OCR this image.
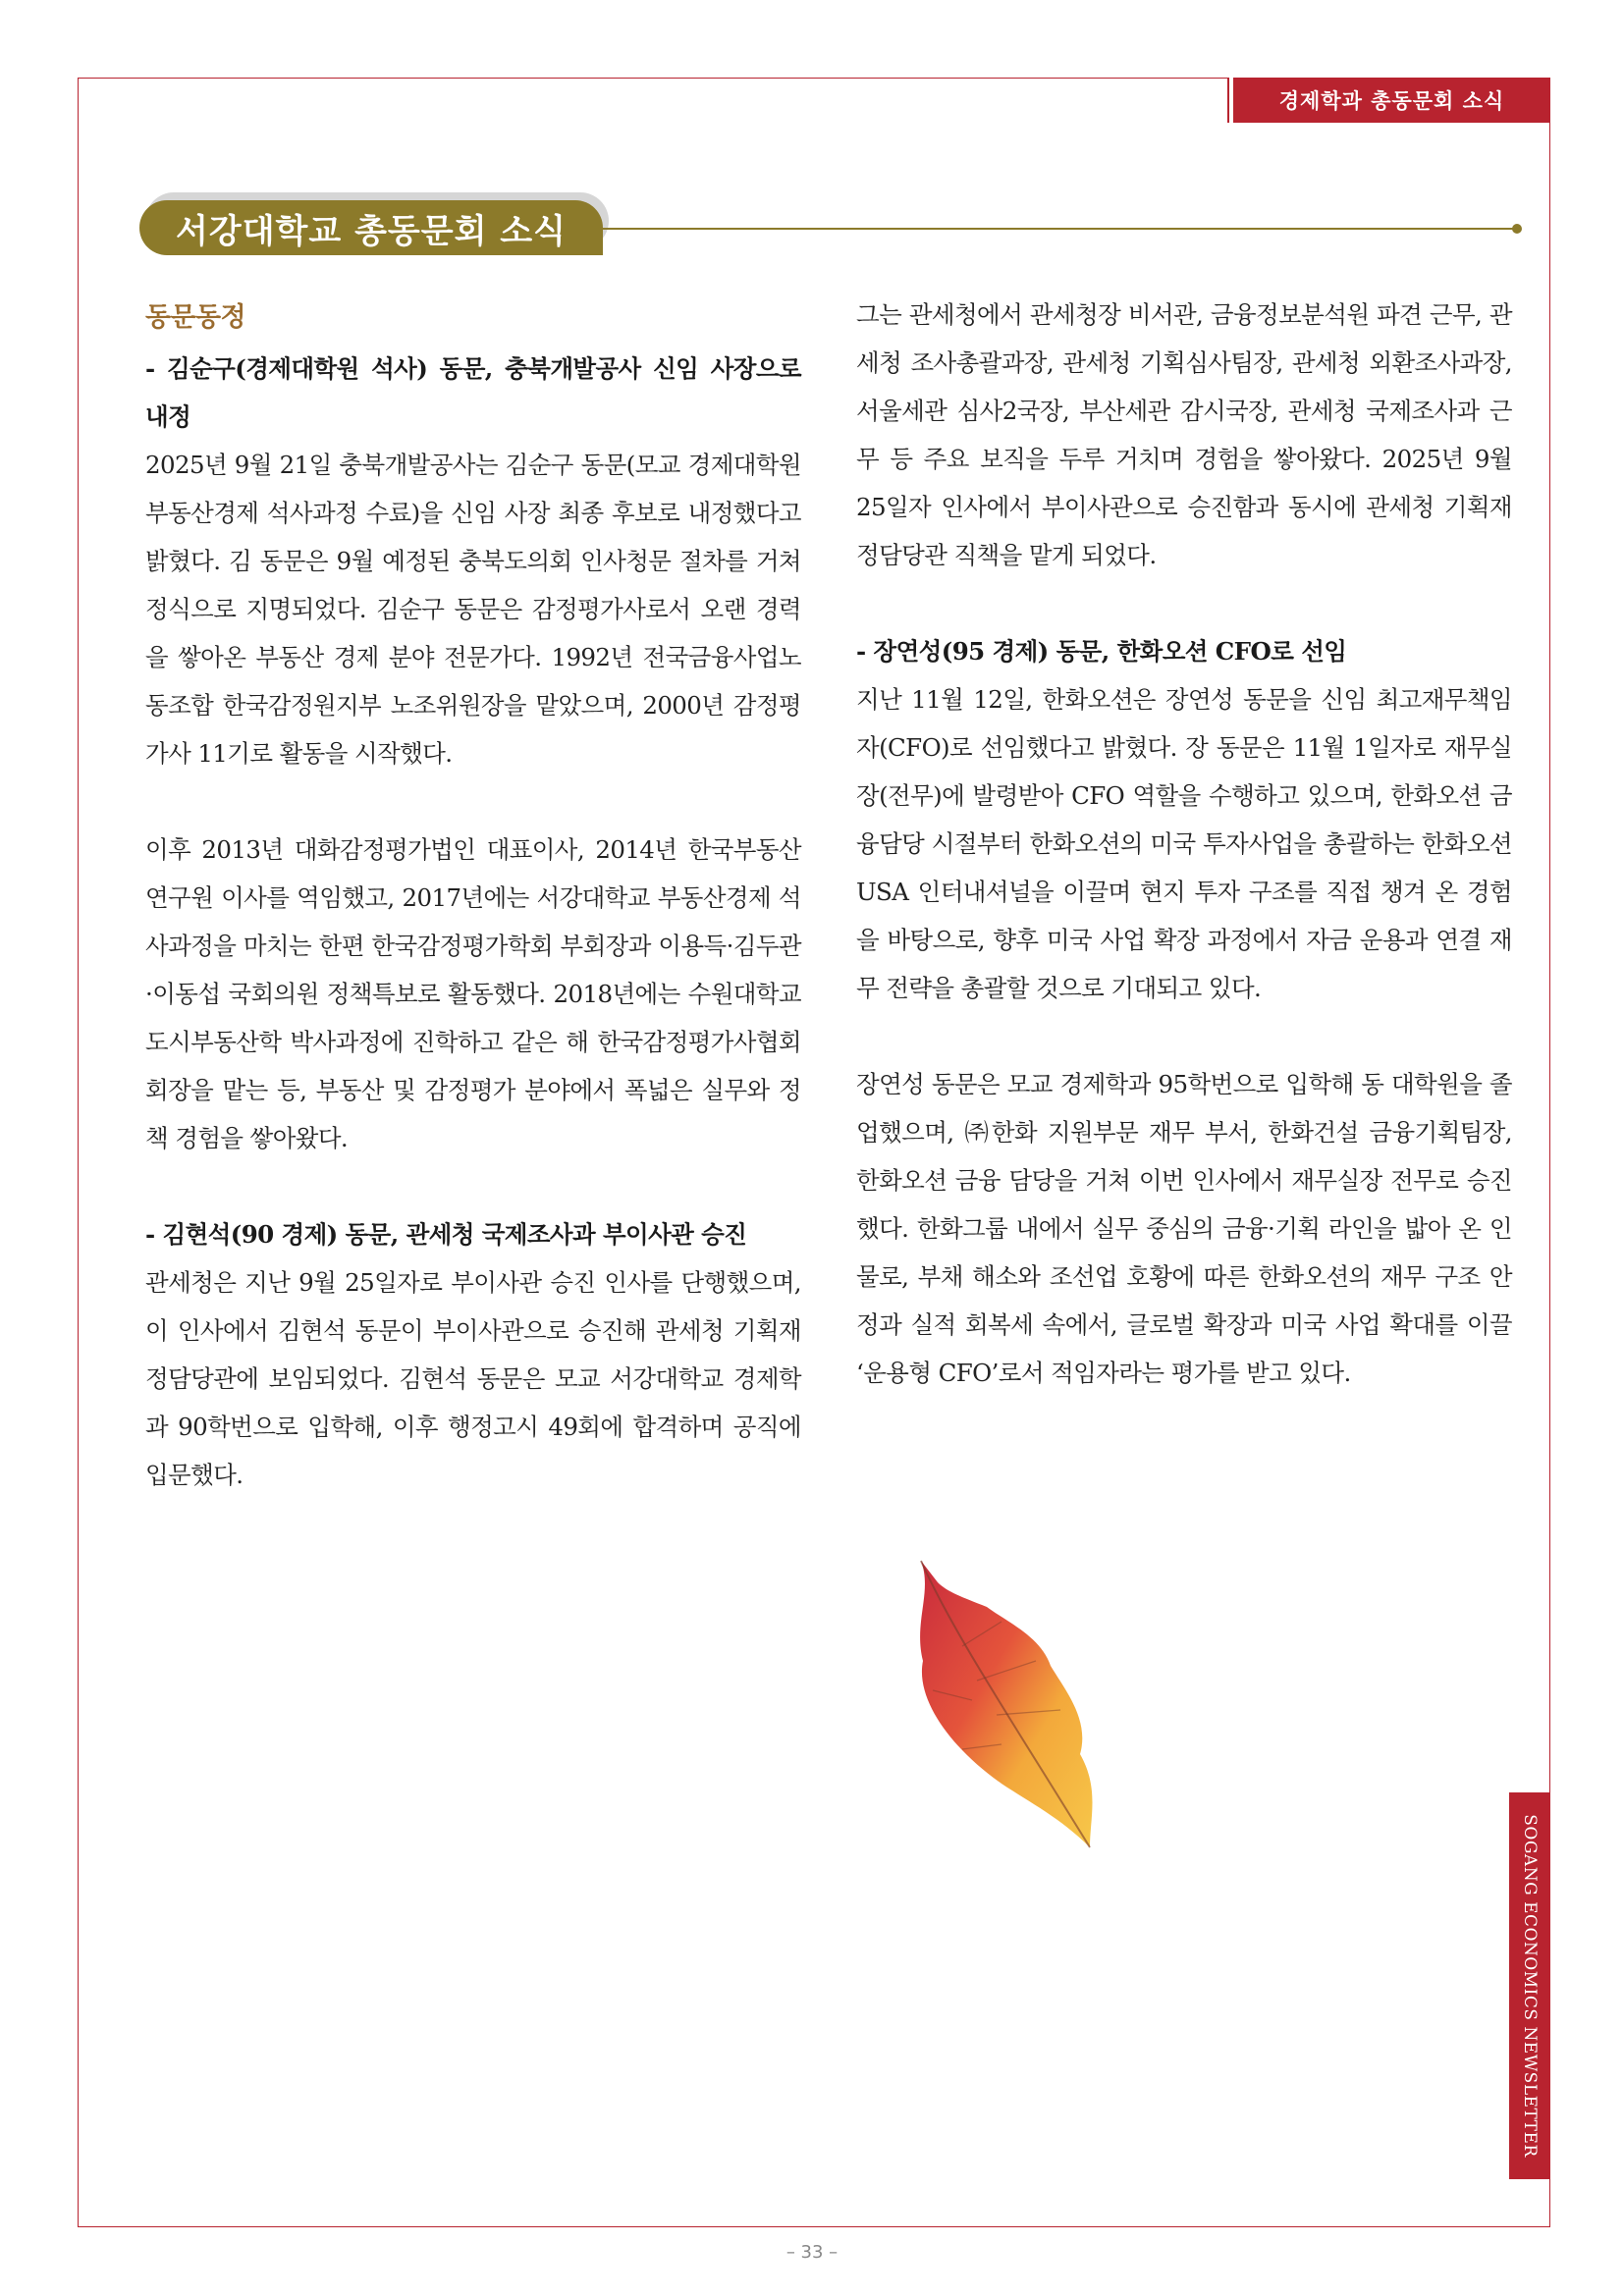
경제학과 총동문회 소식
서강대학교 총동문회 소식
동문동정

- 김순구(경제대학원 석사) 동문, 충북개발공사 신임 사장으로 내정

2025년 9월 21일 충북개발공사는 김순구 동문(모교 경제대학원 부동산경제 석사과정 수료)을 신임 사장 최종 후보로 내정했다고 밝혔다. 김 동문은 9월 예정된 충북도의회 인사청문 절차를 거쳐 정식으로 지명되었다. 김순구 동문은 감정평가사로서 오랜 경력을 쌓아온 부동산 경제 분야 전문가다. 1992년 전국금융사업노동조합 한국감정원지부 노조위원장을 맡았으며, 2000년 감정평가사 11기로 활동을 시작했다.

이후 2013년 대화감정평가법인 대표이사, 2014년 한국부동산연구원 이사를 역임했고, 2017년에는 서강대학교 부동산경제 석사과정을 마치는 한편 한국감정평가학회 부회장과 이용득·김두관·이동섭 국회의원 정책특보로 활동했다. 2018년에는 수원대학교 도시부동산학 박사과정에 진학하고 같은 해 한국감정평가사협회 회장을 맡는 등, 부동산 및 감정평가 분야에서 폭넓은 실무와 정책 경험을 쌓아왔다.

- 김현석(90 경제) 동문, 관세청 국제조사과 부이사관 승진

관세청은 지난 9월 25일자로 부이사관 승진 인사를 단행했으며, 이 인사에서 김현석 동문이 부이사관으로 승진해 관세청 기획재정담당관에 보임되었다. 김현석 동문은 모교 서강대학교 경제학과 90학번으로 입학해, 이후 행정고시 49회에 합격하며 공직에 입문했다.

그는 관세청에서 관세청장 비서관, 금융정보분석원 파견 근무, 관세청 조사총괄과장, 관세청 기획심사팀장, 관세청 외환조사과장, 서울세관 심사2국장, 부산세관 감시국장, 관세청 국제조사과 근무 등 주요 보직을 두루 거치며 경험을 쌓아왔다. 2025년 9월 25일자 인사에서 부이사관으로 승진함과 동시에 관세청 기획재정담당관 직책을 맡게 되었다.

- 장연성(95 경제) 동문, 한화오션 CFO로 선임

지난 11월 12일, 한화오션은 장연성 동문을 신임 최고재무책임자(CFO)로 선임했다고 밝혔다. 장 동문은 11월 1일자로 재무실장(전무)에 발령받아 CFO 역할을 수행하고 있으며, 한화오션 금융담당 시절부터 한화오션의 미국 투자사업을 총괄하는 한화오션 USA 인터내셔널을 이끌며 현지 투자 구조를 직접 챙겨 온 경험을 바탕으로, 향후 미국 사업 확장 과정에서 자금 운용과 연결 재무 전략을 총괄할 것으로 기대되고 있다.

장연성 동문은 모교 경제학과 95학번으로 입학해 동 대학원을 졸업했으며, ㈜한화 지원부문 재무 부서, 한화건설 금융기획팀장, 한화오션 금융 담당을 거쳐 이번 인사에서 재무실장 전무로 승진했다. 한화그룹 내에서 실무 중심의 금융·기획 라인을 밟아 온 인물로, 부채 해소와 조선업 호황에 따른 한화오션의 재무 구조 안정과 실적 회복세 속에서, 글로벌 확장과 미국 사업 확대를 이끌 ‘운용형 CFO’로서 적임자라는 평가를 받고 있다.

SOGANG ECONOMICS NEWSLETTER
– 33 –
